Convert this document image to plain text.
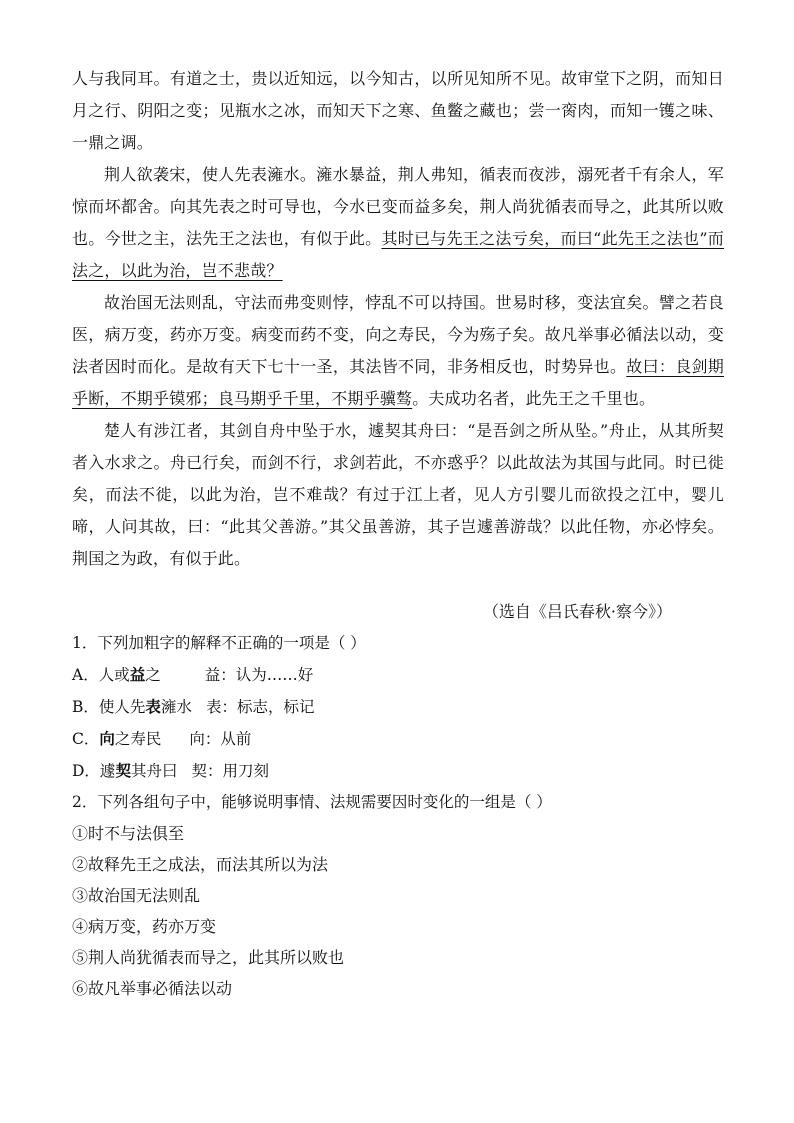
人与我同耳。有道之士，贵以近知远，以今知古，以所见知所不见。故审堂下之阴，而知日月之行、阴阳之变；见瓶水之冰，而知天下之寒、鱼鳖之藏也；尝一脔肉，而知一镬之味、一鼎之调。

荆人欲袭宋，使人先表澭水。澭水暴益，荆人弗知，循表而夜涉，溺死者千有余人，军惊而坏都舍。向其先表之时可导也，今水已变而益多矣，荆人尚犹循表而导之，此其所以败也。今世之主，法先王之法也，有似于此。其时已与先王之法亏矣，而曰“此先王之法也”而法之，以此为治，岂不悲哉？

故治国无法则乱，守法而弗变则悖，悖乱不可以持国。世易时移，变法宜矣。譬之若良医，病万变，药亦万变。病变而药不变，向之寿民，今为殇子矣。故凡举事必循法以动，变法者因时而化。是故有天下七十一圣，其法皆不同，非务相反也，时势异也。故曰：良剑期乎断，不期乎镆邪；良马期乎千里，不期乎骥骜。夫成功名者，此先王之千里也。

楚人有涉江者，其剑自舟中坠于水，遽契其舟曰：“是吾剑之所从坠。”舟止，从其所契者入水求之。舟已行矣，而剑不行，求剑若此，不亦惑乎？以此故法为其国与此同。时已徙矣，而法不徙，以此为治，岂不难哉？有过于江上者，见人方引婴儿而欲投之江中，婴儿啼，人问其故，曰：“此其父善游。”其父虽善游，其子岂遽善游哉？以此任物，亦必悖矣。荆国之为政，有似于此。

（选自《吕氏春秋·察今》）
1．下列加粗字的解释不正确的一项是（ ）
A．人或益之	益：认为……好
B．使人先表澭水 表：标志，标记
C．向之寿民 向：从前
D．遽契其舟曰 契：用刀刻
2．下列各组句子中，能够说明事情、法规需要因时变化的一组是（ ）
①时不与法俱至
②故释先王之成法，而法其所以为法
③故治国无法则乱
④病万变，药亦万变
⑤荆人尚犹循表而导之，此其所以败也
⑥故凡举事必循法以动
